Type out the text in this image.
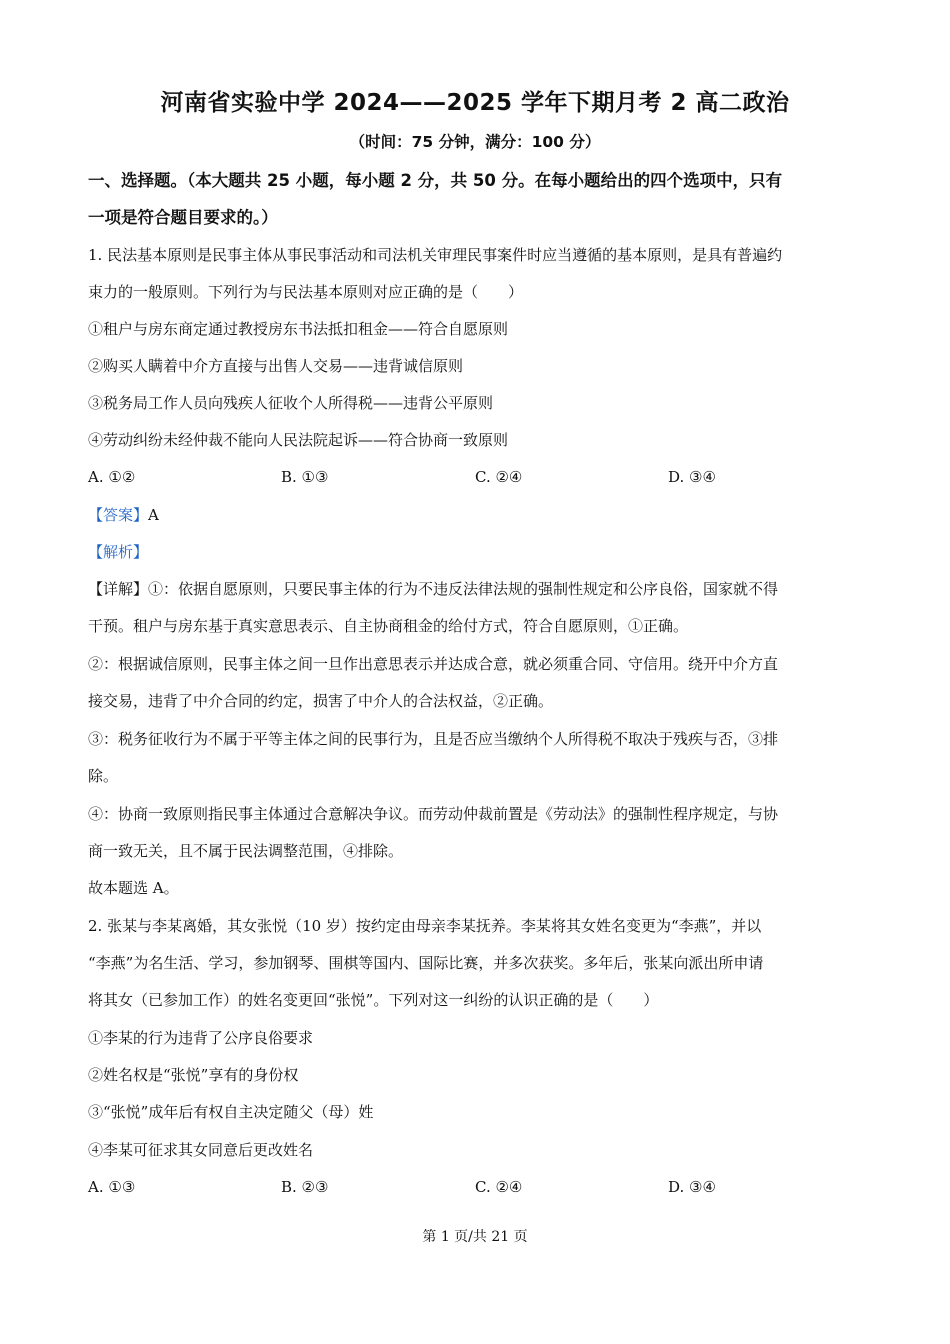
河南省实验中学 2024——2025 学年下期月考 2 高二政治
（时间：75 分钟，满分：100 分）
一、选择题。（本大题共 25 小题，每小题 2 分，共 50 分。在每小题给出的四个选项中，只有
一项是符合题目要求的。）
1. 民法基本原则是民事主体从事民事活动和司法机关审理民事案件时应当遵循的基本原则，是具有普遍约
束力的一般原则。下列行为与民法基本原则对应正确的是（　　）
①租户与房东商定通过教授房东书法抵扣租金——符合自愿原则
②购买人瞒着中介方直接与出售人交易——违背诚信原则
③税务局工作人员向残疾人征收个人所得税——违背公平原则
④劳动纠纷未经仲裁不能向人民法院起诉——符合协商一致原则
A. ①②	B. ①③	C. ②④	D. ③④
【答案】A
【解析】
【详解】①：依据自愿原则，只要民事主体的行为不违反法律法规的强制性规定和公序良俗，国家就不得
干预。租户与房东基于真实意思表示、自主协商租金的给付方式，符合自愿原则，①正确。
②：根据诚信原则，民事主体之间一旦作出意思表示并达成合意，就必须重合同、守信用。绕开中介方直
接交易，违背了中介合同的约定，损害了中介人的合法权益，②正确。
③：税务征收行为不属于平等主体之间的民事行为，且是否应当缴纳个人所得税不取决于残疾与否，③排
除。
④：协商一致原则指民事主体通过合意解决争议。而劳动仲裁前置是《劳动法》的强制性程序规定，与协
商一致无关，且不属于民法调整范围，④排除。
故本题选 A。
2. 张某与李某离婚，其女张悦（10 岁）按约定由母亲李某抚养。李某将其女姓名变更为“李燕”，并以
“李燕”为名生活、学习，参加钢琴、围棋等国内、国际比赛，并多次获奖。多年后，张某向派出所申请
将其女（已参加工作）的姓名变更回“张悦”。下列对这一纠纷的认识正确的是（　　）
①李某的行为违背了公序良俗要求
②姓名权是“张悦”享有的身份权
③“张悦”成年后有权自主决定随父（母）姓
④李某可征求其女同意后更改姓名
A. ①③	B. ②③	C. ②④	D. ③④
第 1 页/共 21 页
